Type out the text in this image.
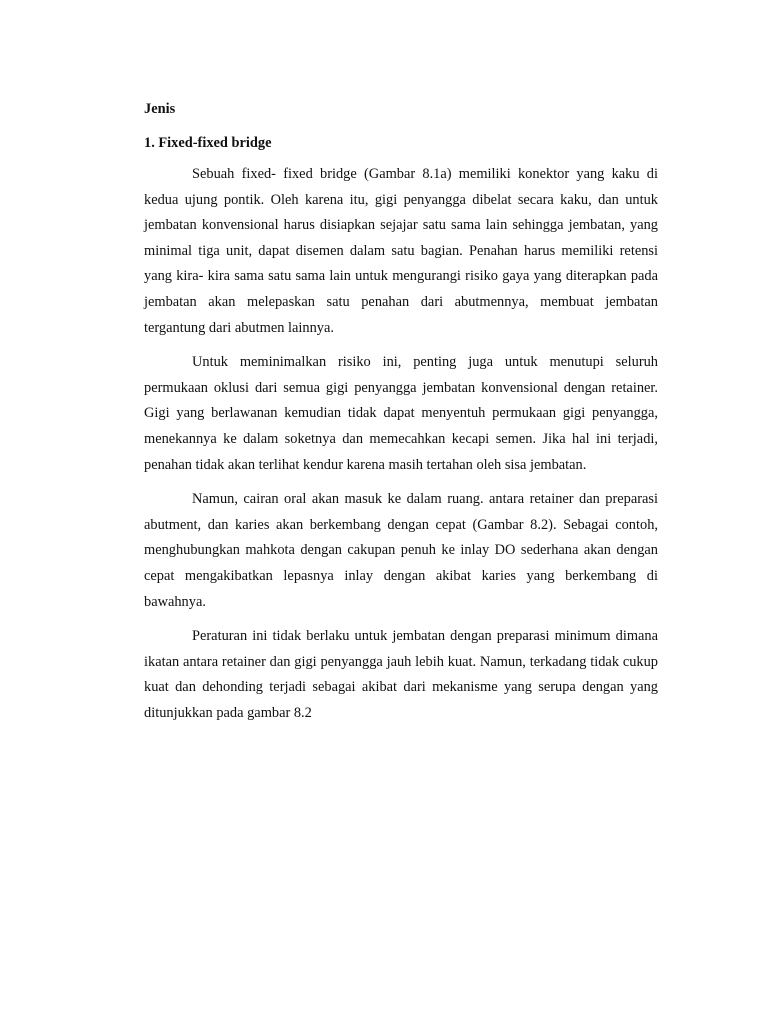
Jenis

1. Fixed-fixed bridge

Sebuah fixed- fixed bridge (Gambar 8.1a) memiliki konektor yang kaku di kedua ujung pontik. Oleh karena itu, gigi penyangga dibelat secara kaku, dan untuk jembatan konvensional harus disiapkan sejajar satu sama lain sehingga jembatan, yang minimal tiga unit, dapat disemen dalam satu bagian. Penahan harus memiliki retensi yang kira- kira sama satu sama lain untuk mengurangi risiko gaya yang diterapkan pada jembatan akan melepaskan satu penahan dari abutmennya, membuat jembatan tergantung dari abutmen lainnya.

Untuk meminimalkan risiko ini, penting juga untuk menutupi seluruh permukaan oklusi dari semua gigi penyangga jembatan konvensional dengan retainer. Gigi yang berlawanan kemudian tidak dapat menyentuh permukaan gigi penyangga, menekannya ke dalam soketnya dan memecahkan kecapi semen. Jika hal ini terjadi, penahan tidak akan terlihat kendur karena masih tertahan oleh sisa jembatan.

Namun, cairan oral akan masuk ke dalam ruang. antara retainer dan preparasi abutment, dan karies akan berkembang dengan cepat (Gambar 8.2). Sebagai contoh, menghubungkan mahkota dengan cakupan penuh ke inlay DO sederhana akan dengan cepat mengakibatkan lepasnya inlay dengan akibat karies yang berkembang di bawahnya.

Peraturan ini tidak berlaku untuk jembatan dengan preparasi minimum dimana ikatan antara retainer dan gigi penyangga jauh lebih kuat. Namun, terkadang tidak cukup kuat dan dehonding terjadi sebagai akibat dari mekanisme yang serupa dengan yang ditunjukkan pada gambar 8.2
